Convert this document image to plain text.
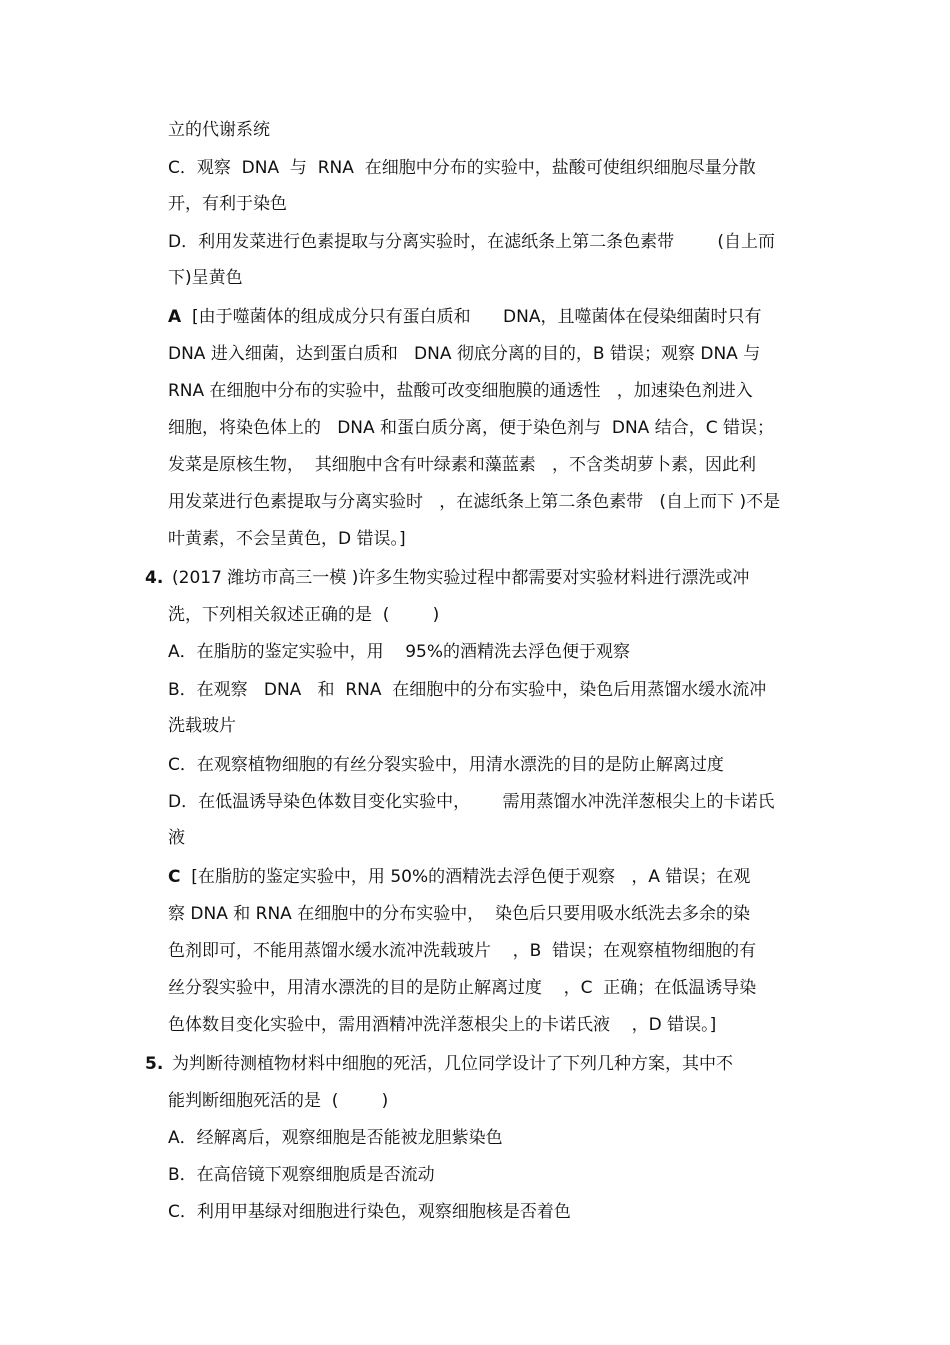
立的代谢系统
C．观察  DNA  与  RNA  在细胞中分布的实验中，盐酸可使组织细胞尽量分散
开，有利于染色
D．利用发菜进行色素提取与分离实验时，在滤纸条上第二条色素带        (自上而
下)呈黄色
A  [由于噬菌体的组成成分只有蛋白质和      DNA，且噬菌体在侵染细菌时只有
DNA 进入细菌，达到蛋白质和   DNA 彻底分离的目的，B 错误；观察 DNA 与
RNA 在细胞中分布的实验中，盐酸可改变细胞膜的通透性   ，加速染色剂进入
细胞，将染色体上的   DNA 和蛋白质分离，便于染色剂与  DNA 结合，C 错误；
发菜是原核生物，  其细胞中含有叶绿素和藻蓝素   ，不含类胡萝卜素，因此利
用发菜进行色素提取与分离实验时   ，在滤纸条上第二条色素带   (自上而下 )不是
叶黄素，不会呈黄色，D 错误。]
4. (2017 潍坊市高三一模 )许多生物实验过程中都需要对实验材料进行漂洗或冲
洗，下列相关叙述正确的是  (        )
A．在脂肪的鉴定实验中，用    95%的酒精洗去浮色便于观察
B．在观察   DNA   和  RNA  在细胞中的分布实验中，染色后用蒸馏水缓水流冲
洗载玻片
C．在观察植物细胞的有丝分裂实验中，用清水漂洗的目的是防止解离过度
D．在低温诱导染色体数目变化实验中，      需用蒸馏水冲洗洋葱根尖上的卡诺氏
液
C  [在脂肪的鉴定实验中，用 50%的酒精洗去浮色便于观察   ，A 错误；在观
察 DNA 和 RNA 在细胞中的分布实验中，  染色后只要用吸水纸洗去多余的染
色剂即可，不能用蒸馏水缓水流冲洗载玻片    ，B  错误；在观察植物细胞的有
丝分裂实验中，用清水漂洗的目的是防止解离过度    ，C  正确；在低温诱导染
色体数目变化实验中，需用酒精冲洗洋葱根尖上的卡诺氏液    ，D 错误。]
5. 为判断待测植物材料中细胞的死活，几位同学设计了下列几种方案，其中不
能判断细胞死活的是  (        )
A．经解离后，观察细胞是否能被龙胆紫染色
B．在高倍镜下观察细胞质是否流动
C．利用甲基绿对细胞进行染色，观察细胞核是否着色
